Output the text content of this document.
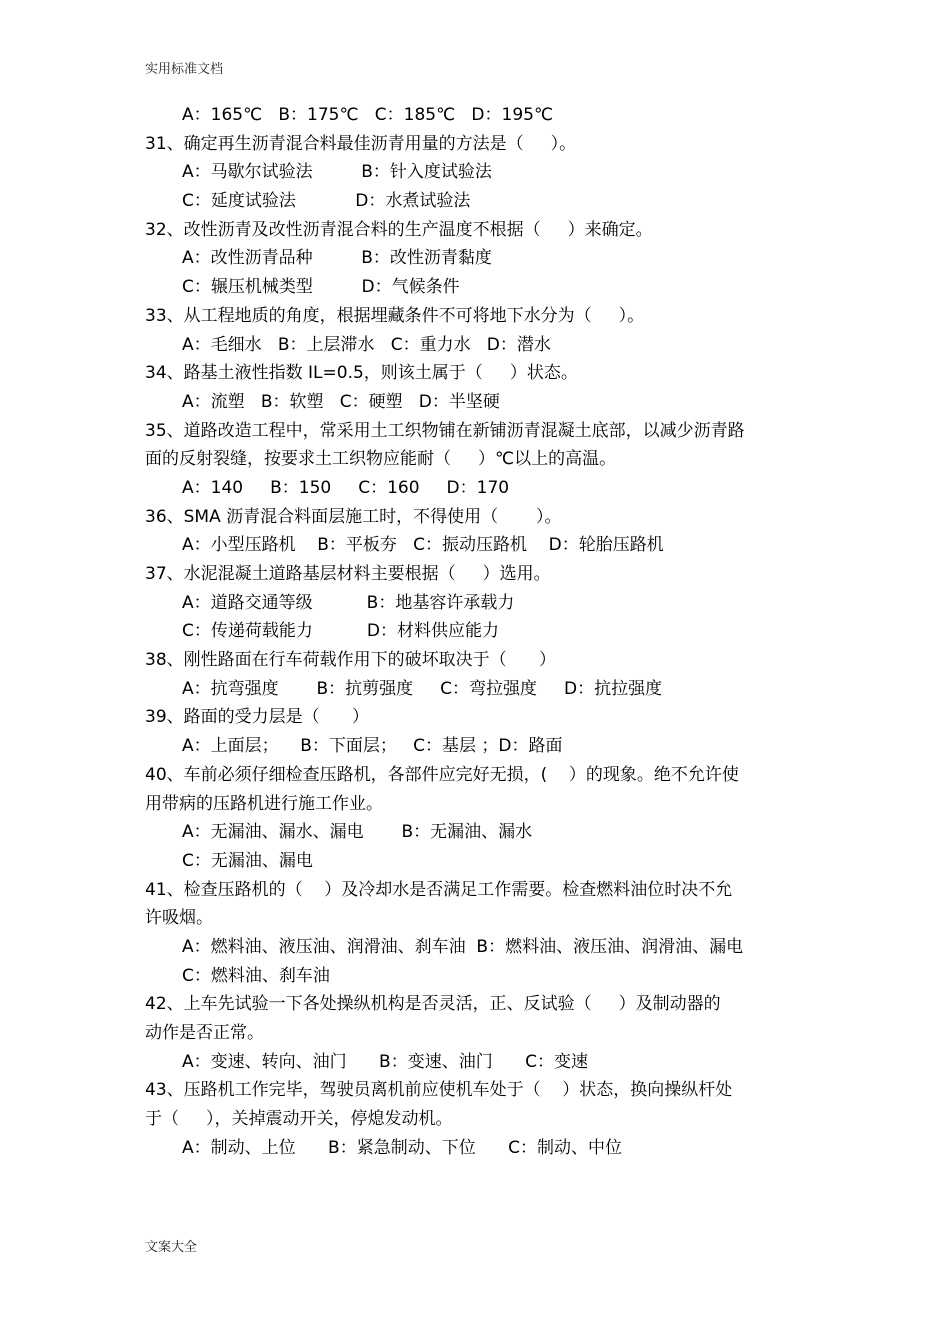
实用标准文档
A：165℃   B：175℃   C：185℃   D：195℃
31、确定再生沥青混合料最佳沥青用量的方法是（     ）。
A：马歇尔试验法         B：针入度试验法
C：延度试验法           D：水煮试验法
32、改性沥青及改性沥青混合料的生产温度不根据（     ）来确定。
A：改性沥青品种         B：改性沥青黏度
C：辗压机械类型         D：气候条件
33、从工程地质的角度，根据埋藏条件不可将地下水分为（     ）。
A：毛细水   B：上层滞水   C：重力水   D：潜水
34、路基土液性指数 IL=0.5，则该土属于（     ）状态。
A：流塑   B：软塑   C：硬塑   D：半坚硬
35、道路改造工程中，常采用土工织物铺在新铺沥青混凝土底部，以减少沥青路
面的反射裂缝，按要求土工织物应能耐（     ）℃以上的高温。
A：140     B：150     C：160     D：170
36、SMA 沥青混合料面层施工时，不得使用（       ）。
A：小型压路机    B：平板夯   C：振动压路机    D：轮胎压路机
37、水泥混凝土道路基层材料主要根据（     ）选用。
A：道路交通等级          B：地基容许承载力
C：传递荷载能力          D：材料供应能力
38、刚性路面在行车荷载作用下的破坏取决于（      ）
A：抗弯强度       B：抗剪强度     C：弯拉强度     D：抗拉强度
39、路面的受力层是（      ）
A：上面层；    B：下面层；   C：基层 ；D：路面
40、车前必须仔细检查压路机，各部件应完好无损，(    ）的现象。绝不允许使
用带病的压路机进行施工作业。
A：无漏油、漏水、漏电       B：无漏油、漏水
C：无漏油、漏电
41、检查压路机的（    ）及冷却水是否满足工作需要。检查燃料油位时决不允
许吸烟。
A：燃料油、液压油、润滑油、刹车油  B：燃料油、液压油、润滑油、漏电
C：燃料油、刹车油
42、上车先试验一下各处操纵机构是否灵活，正、反试验（     ）及制动器的
动作是否正常。
A：变速、转向、油门      B：变速、油门      C：变速
43、压路机工作完毕，驾驶员离机前应使机车处于（    ）状态，换向操纵杆处
于（     ），关掉震动开关，停熄发动机。
A：制动、上位      B：紧急制动、下位      C：制动、中位
文案大全
